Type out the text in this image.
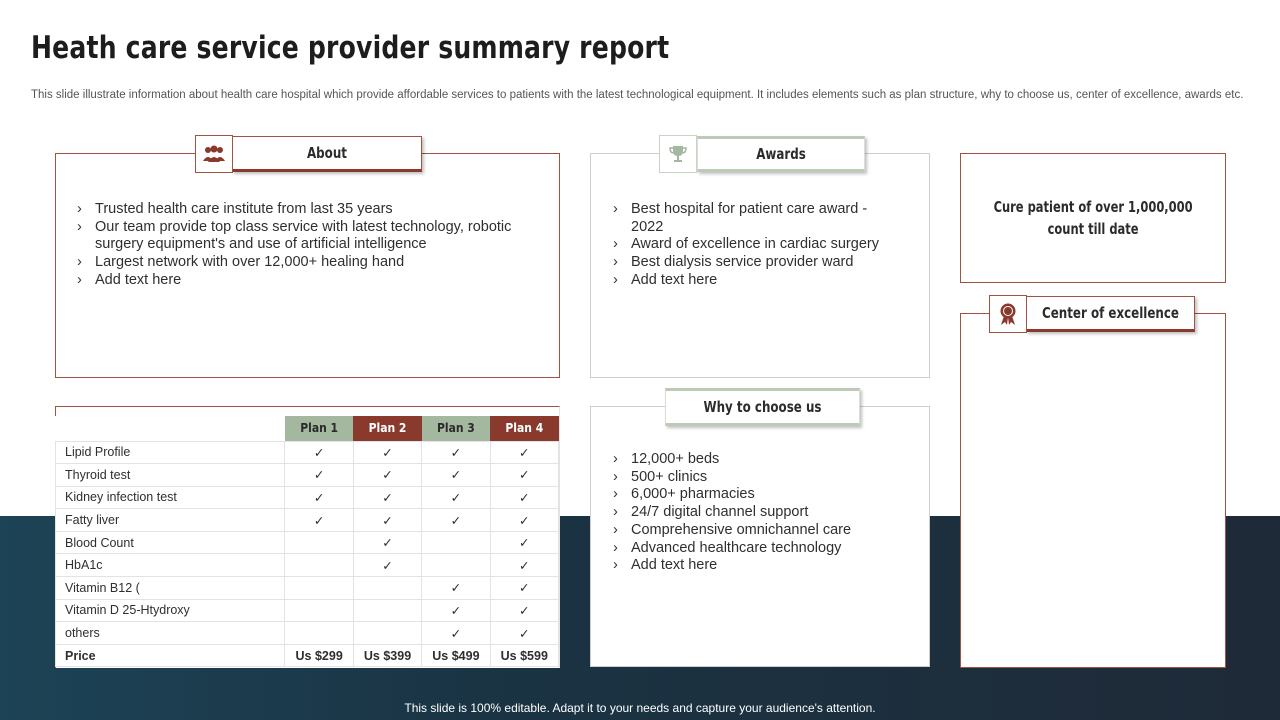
Heath care service provider summary report

This slide illustrate information about health care hospital which provide affordable services to patients with the latest technological equipment. It includes elements such as plan structure, why to choose us, center of excellence, awards etc.

About
› Trusted health care institute from last 35 years
› Our team provide top class service with latest technology, robotic surgery equipment's and use of artificial intelligence
› Largest network with over 12,000+ healing hand
› Add text here
Awards
› Best hospital for patient care award - 2022
› Award of excellence in cardiac surgery
› Best dialysis service provider ward
› Add text here
Cure patient of over 1,000,000
count till date
Center of excellence
Why to choose us
› 12,000+ beds
› 500+ clinics
› 6,000+ pharmacies
› 24/7 digital channel support
› Comprehensive omnichannel care
› Advanced healthcare technology
› Add text here
	Plan 1	Plan 2	Plan 3	Plan 4
Lipid Profile	✓	✓	✓	✓
Thyroid test	✓	✓	✓	✓
Kidney infection test	✓	✓	✓	✓
Fatty liver	✓	✓	✓	✓
Blood Count		✓		✓
HbA1c		✓		✓
Vitamin B12 (			✓	✓
Vitamin D 25-Htydroxy			✓	✓
others			✓	✓
Price	Us $299	Us $399	Us $499	Us $599
This slide is 100% editable. Adapt it to your needs and capture your audience's attention.
